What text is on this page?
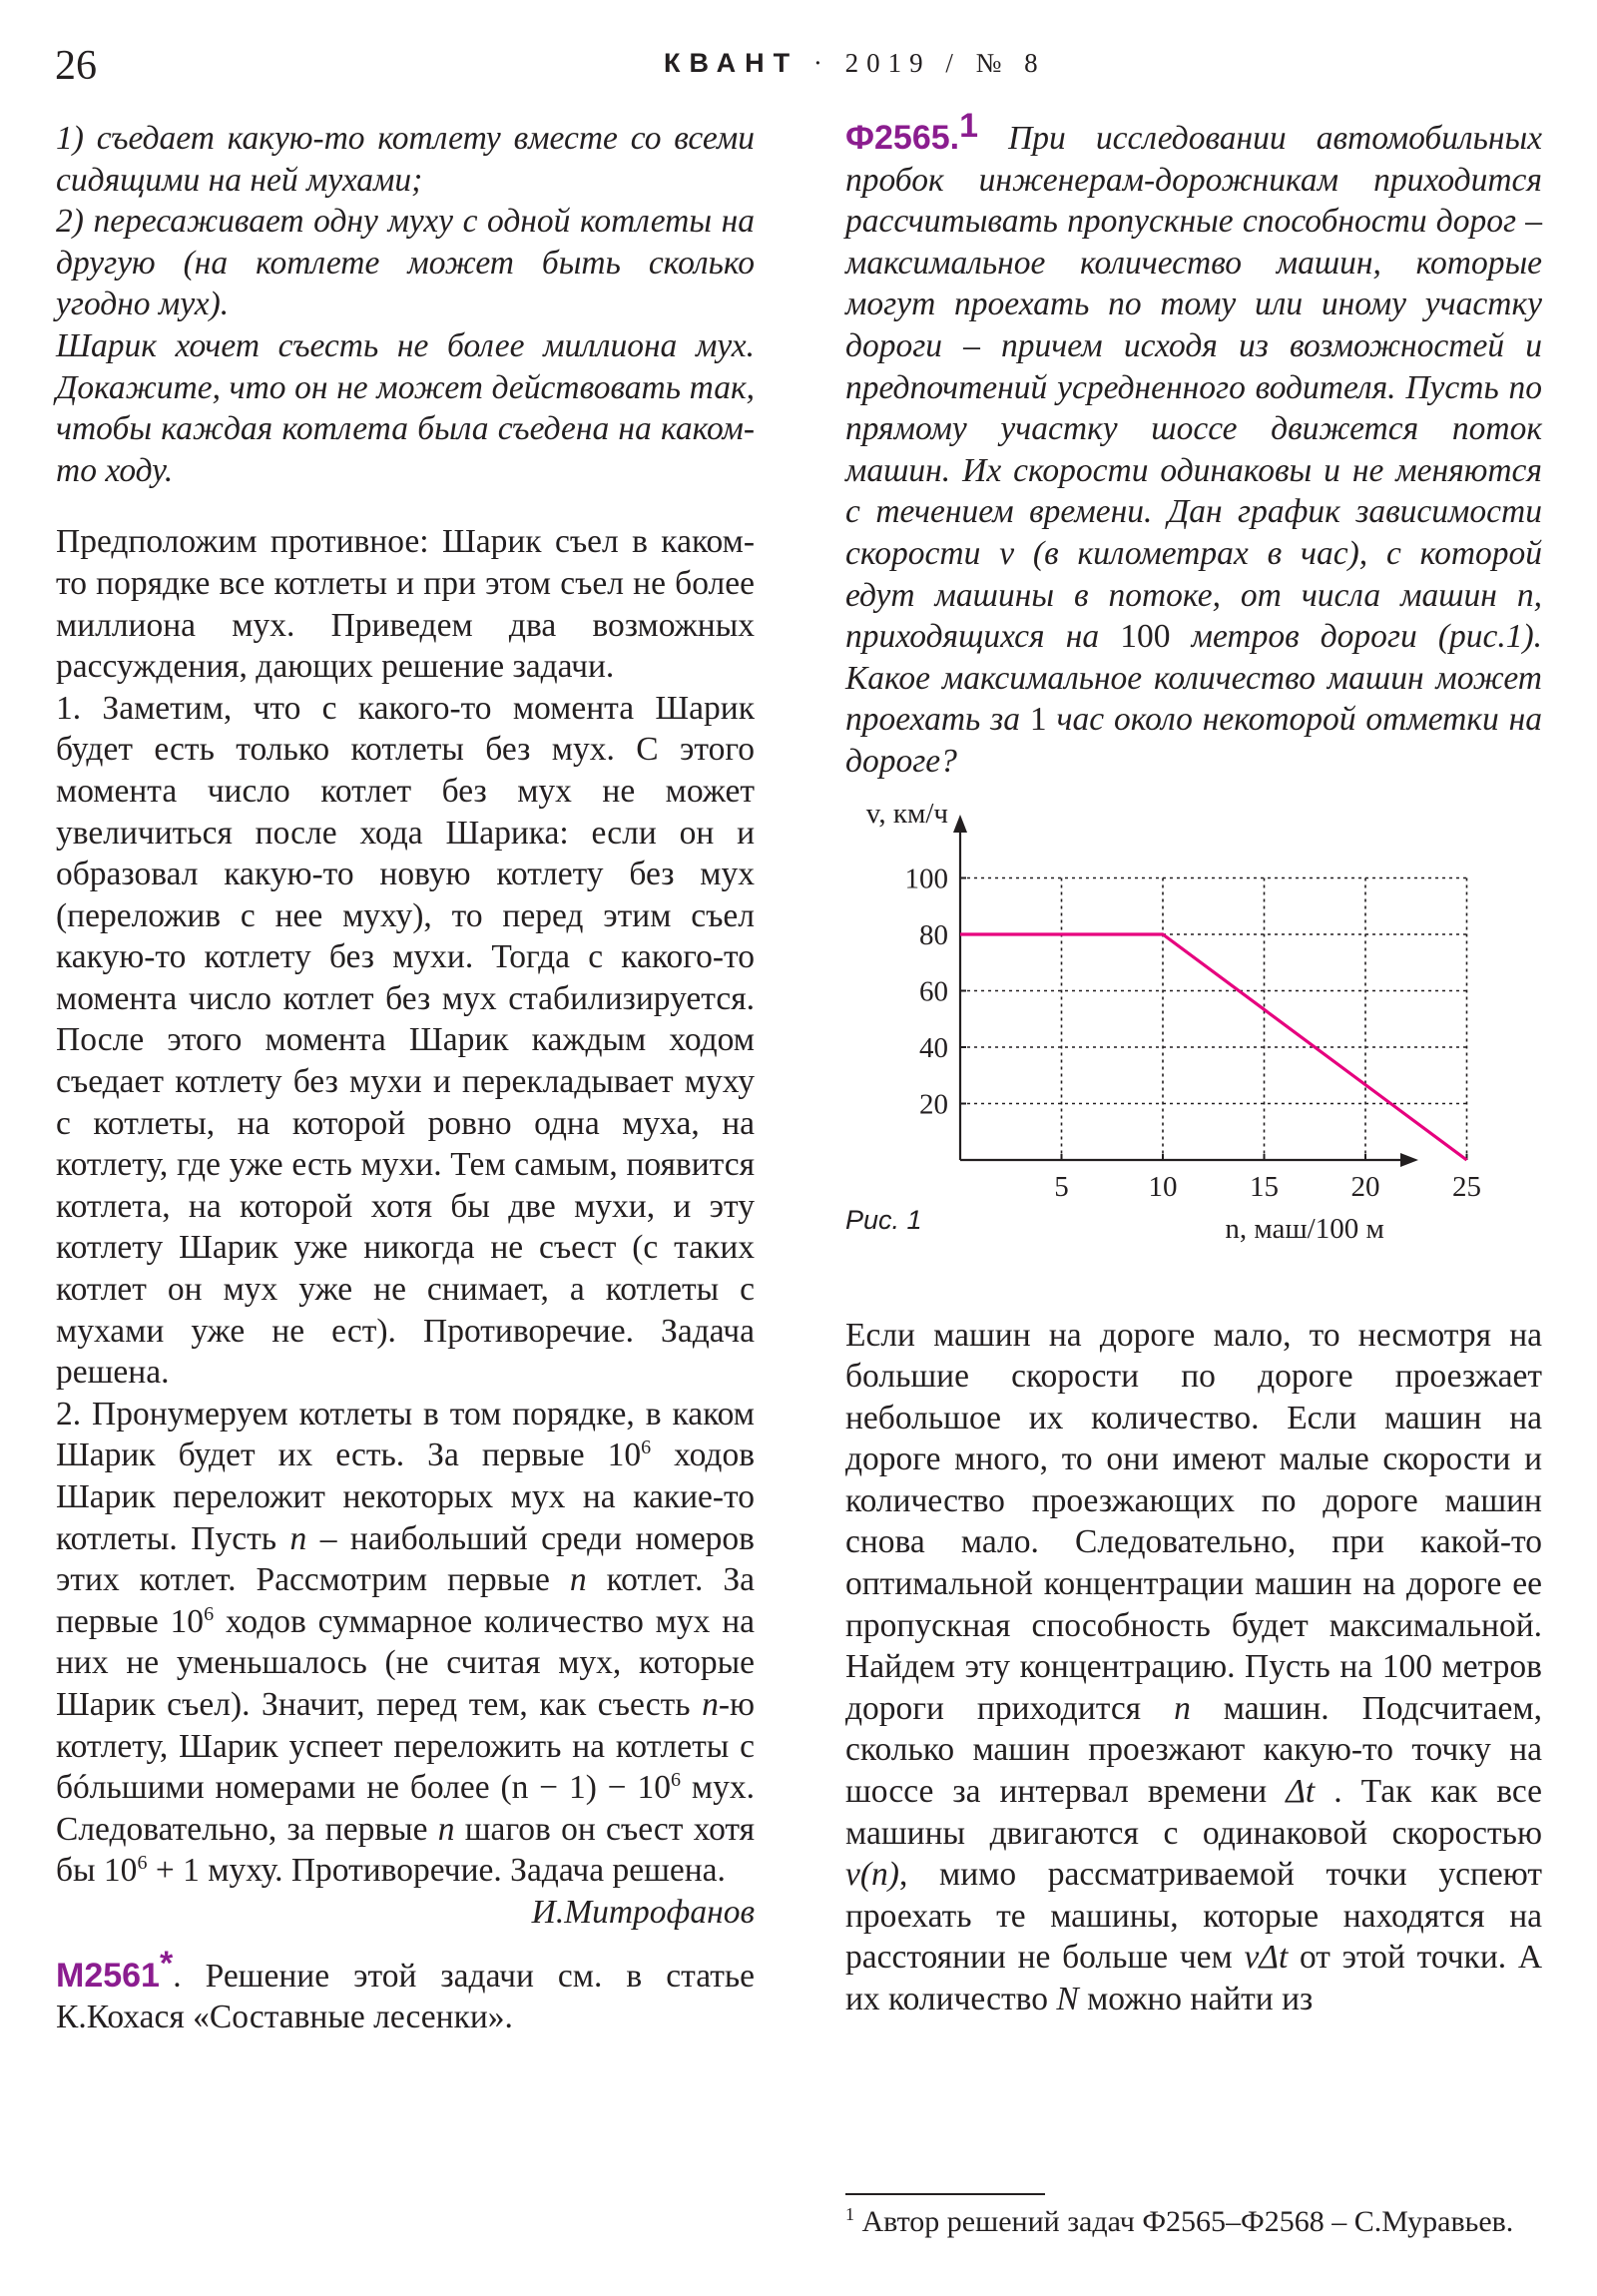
26	КВАНТ · 2019 / № 8

1) съедает какую-то котлету вместе со всеми сидящими на ней мухами;

2) пересаживает одну муху с одной котлеты на другую (на котлете может быть сколько угодно мух).

Шарик хочет съесть не более миллиона мух. Докажите, что он не может действовать так, чтобы каждая котлета была съедена на каком-то ходу.

Предположим противное: Шарик съел в каком-то порядке все котлеты и при этом съел не более миллиона мух. Приведем два возможных рассуждения, дающих решение задачи.

1. Заметим, что с какого-то момента Шарик будет есть только котлеты без мух. С этого момента число котлет без мух не может увеличиться после хода Шарика: если он и образовал какую-то новую котлету без мух (переложив с нее муху), то перед этим съел какую-то котлету без мухи. Тогда с какого-то момента число котлет без мух стабилизируется. После этого момента Шарик каждым ходом съедает котлету без мухи и перекладывает муху с котлеты, на которой ровно одна муха, на котлету, где уже есть мухи. Тем самым, появится котлета, на которой хотя бы две мухи, и эту котлету Шарик уже никогда не съест (с таких котлет он мух уже не снимает, а котлеты с мухами уже не ест). Противоречие. Задача решена.

2. Пронумеруем котлеты в том порядке, в каком Шарик будет их есть. За первые $10^6$ ходов Шарик переложит некоторых мух на какие-то котлеты. Пусть n – наибольший среди номеров этих котлет. Рассмотрим первые n котлет. За первые $10^6$ ходов суммарное количество мух на них не уменьшалось (не считая мух, которые Шарик съел). Значит, перед тем, как съесть n-ю котлету, Шарик успеет переложить на котлеты с бóльшими номерами не более $(n - 1) - 10^6$ мух. Следовательно, за первые n шагов он съест хотя бы $10^6 + 1$ муху. Противоречие. Задача решена.

И.Митрофанов

М2561*. Решение этой задачи см. в статье К.Кохася «Составные лесенки».

Ф2565.$^1$ При исследовании автомобильных пробок инженерам-дорожникам приходится рассчитывать пропускные способности дорог – максимальное количество машин, которые могут проехать по тому или иному участку дороги – причем исходя из возможностей и предпочтений усредненного водителя. Пусть по прямому участку шоссе движется поток машин. Их скорости одинаковы и не меняются с течением времени. Дан график зависимости скорости v (в километрах в час), с которой едут машины в потоке, от числа машин n, приходящихся на 100 метров дороги (рис.1). Какое максимальное количество машин может проехать за 1 час около некоторой отметки на дороге?

5	10	15	20	25
20
40
60
80
100
v, км/ч
n, маш/100 м
Рис. 1

Если машин на дороге мало, то несмотря на большие скорости по дороге проезжает небольшое их количество. Если машин на дороге много, то они имеют малые скорости и количество проезжающих по дороге машин снова мало. Следовательно, при какой-то оптимальной концентрации машин на дороге ее пропускная способность будет максимальной. Найдем эту концентрацию. Пусть на 100 метров дороги приходится n машин. Подсчитаем, сколько машин проезжают какую-то точку на шоссе за интервал времени Δt . Так как все машины двигаются с одинаковой скоростью v(n), мимо рассматриваемой точки успеют проехать те машины, которые находятся на расстоянии не больше чем vΔt от этой точки. А их количество N можно найти из

$^1$ Автор решений задач Ф2565–Ф2568 – С.Муравьев.
